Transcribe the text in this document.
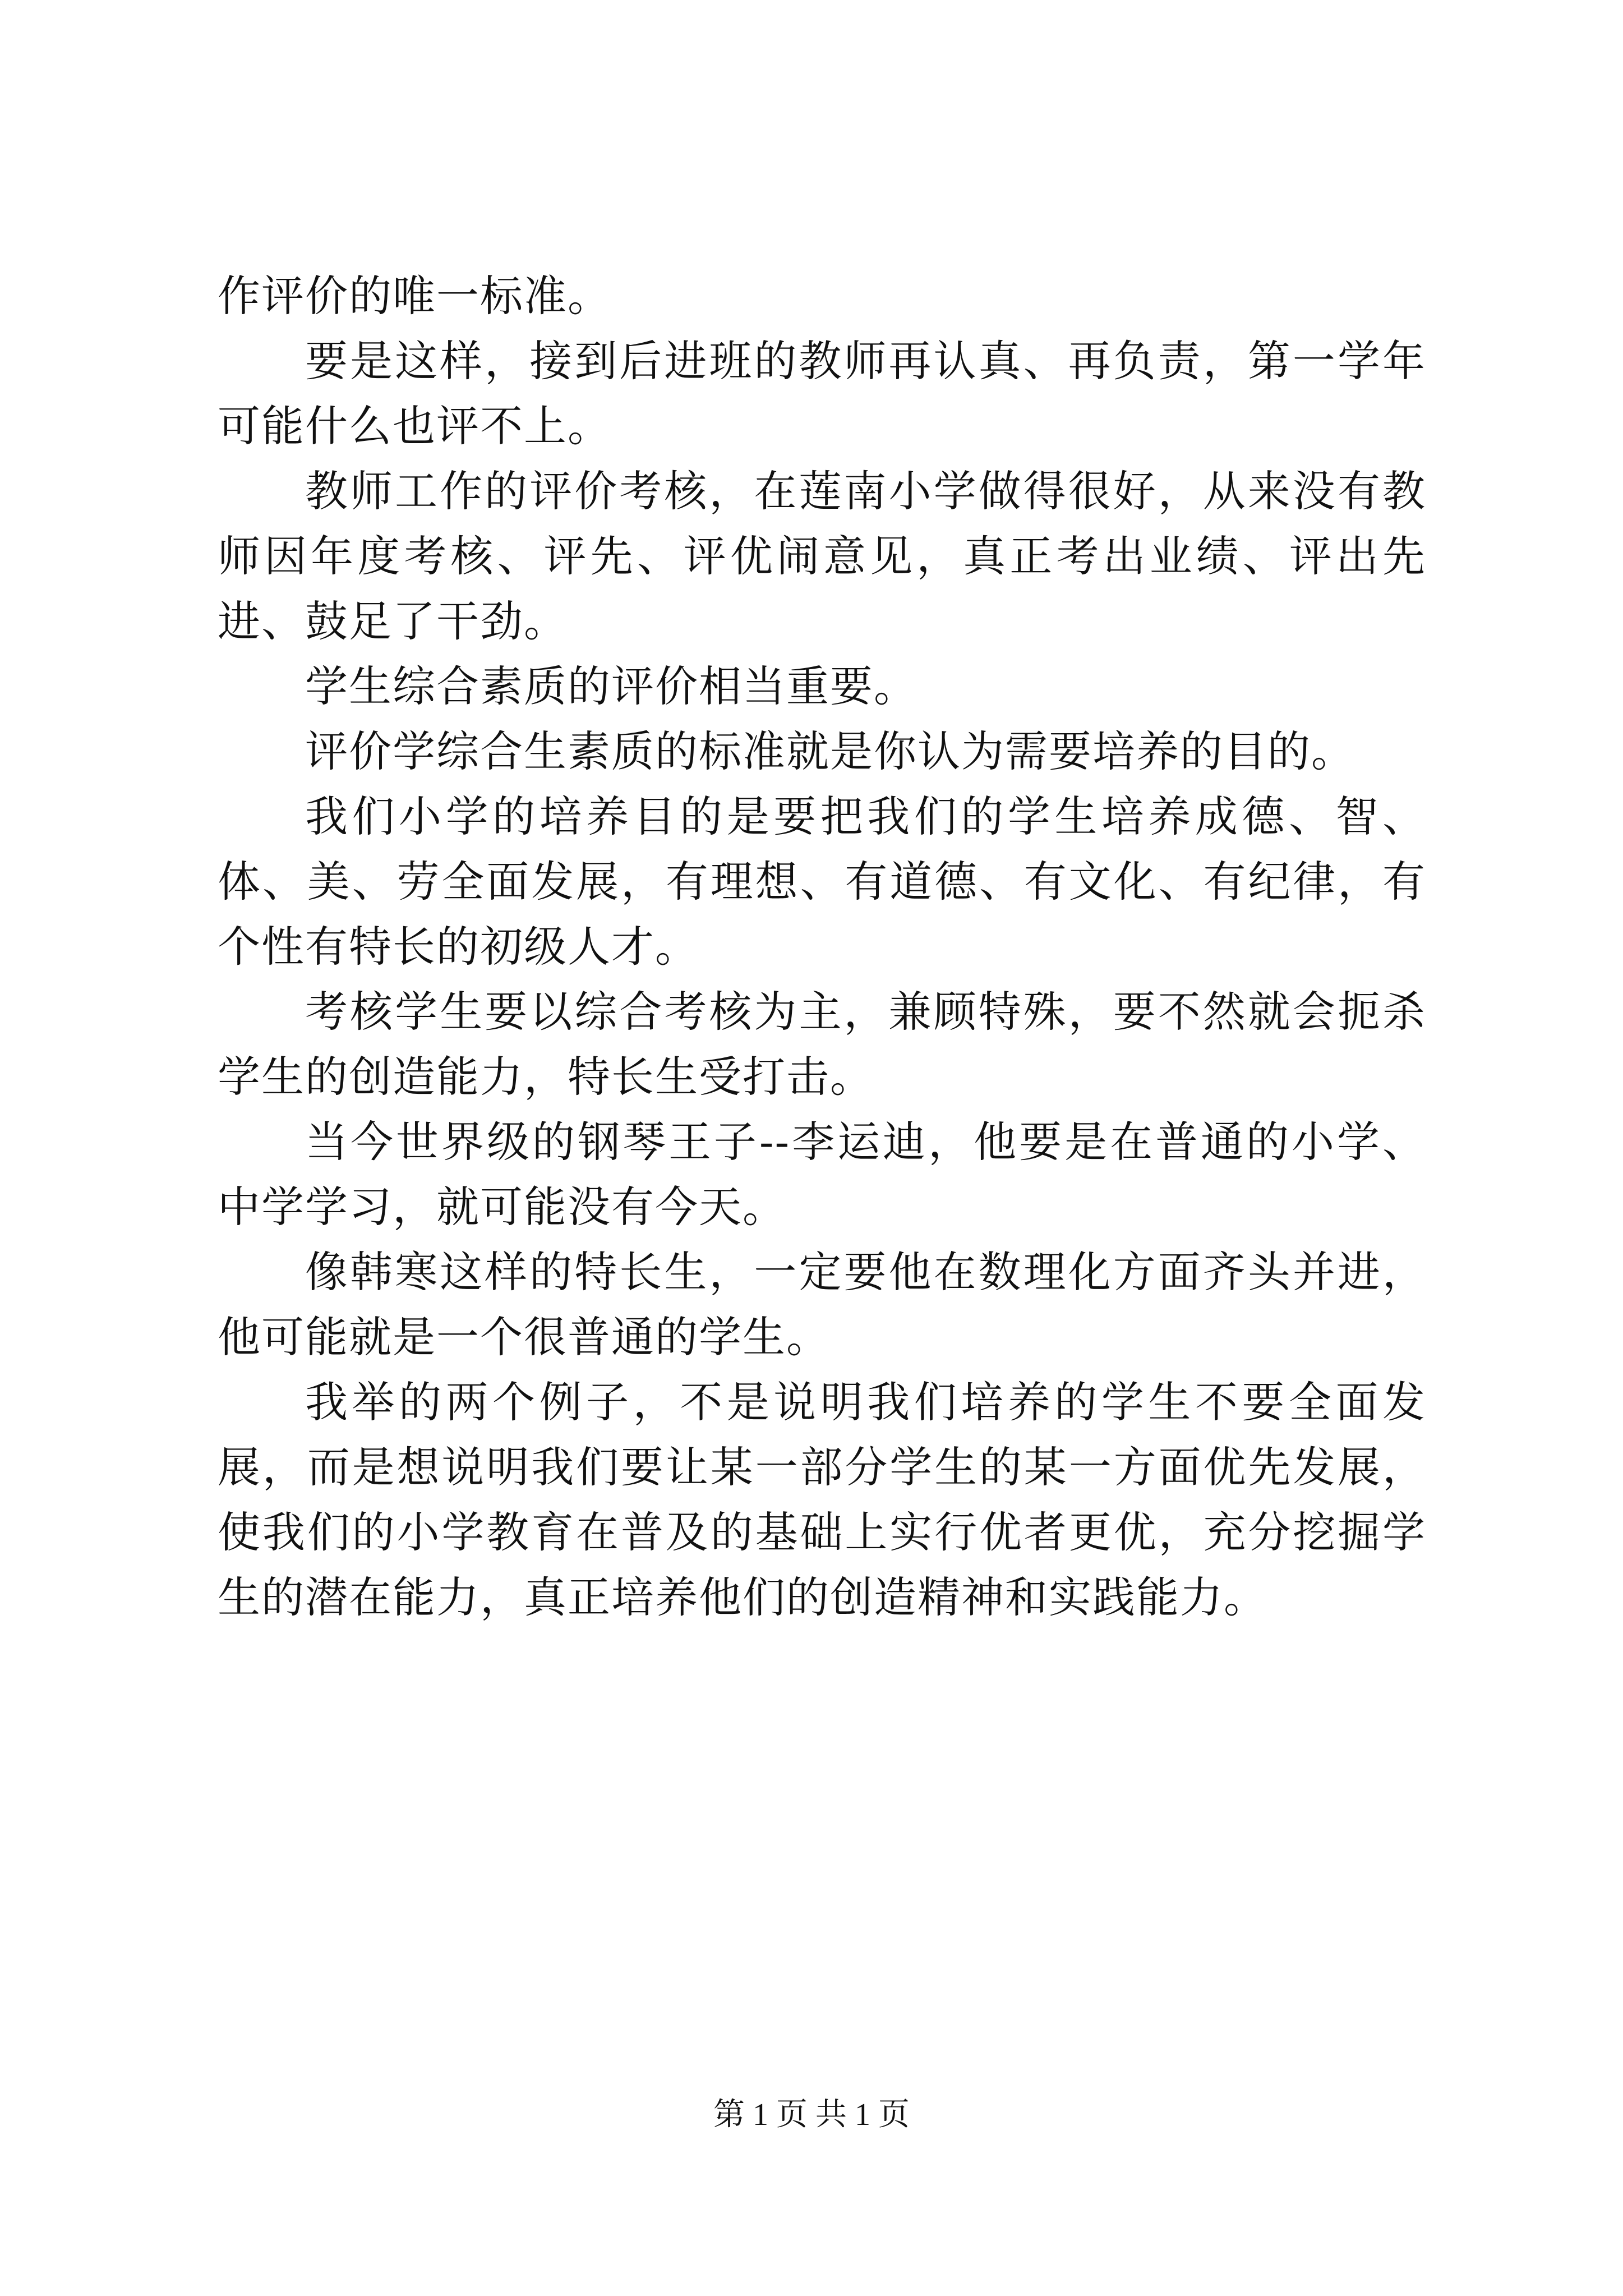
作评价的唯一标准。

要是这样，接到后进班的教师再认真、再负责，第一学年可能什么也评不上。

教师工作的评价考核，在莲南小学做得很好，从来没有教师因年度考核、评先、评优闹意见，真正考出业绩、评出先进、鼓足了干劲。

学生综合素质的评价相当重要。

评价学综合生素质的标准就是你认为需要培养的目的。

我们小学的培养目的是要把我们的学生培养成德、智、体、美、劳全面发展，有理想、有道德、有文化、有纪律，有个性有特长的初级人才。

考核学生要以综合考核为主，兼顾特殊，要不然就会扼杀学生的创造能力，特长生受打击。

当今世界级的钢琴王子--李运迪，他要是在普通的小学、中学学习，就可能没有今天。

像韩寒这样的特长生，一定要他在数理化方面齐头并进，他可能就是一个很普通的学生。

我举的两个例子，不是说明我们培养的学生不要全面发展，而是想说明我们要让某一部分学生的某一方面优先发展，使我们的小学教育在普及的基础上实行优者更优，充分挖掘学生的潜在能力，真正培养他们的创造精神和实践能力。

第 1 页 共 1 页
